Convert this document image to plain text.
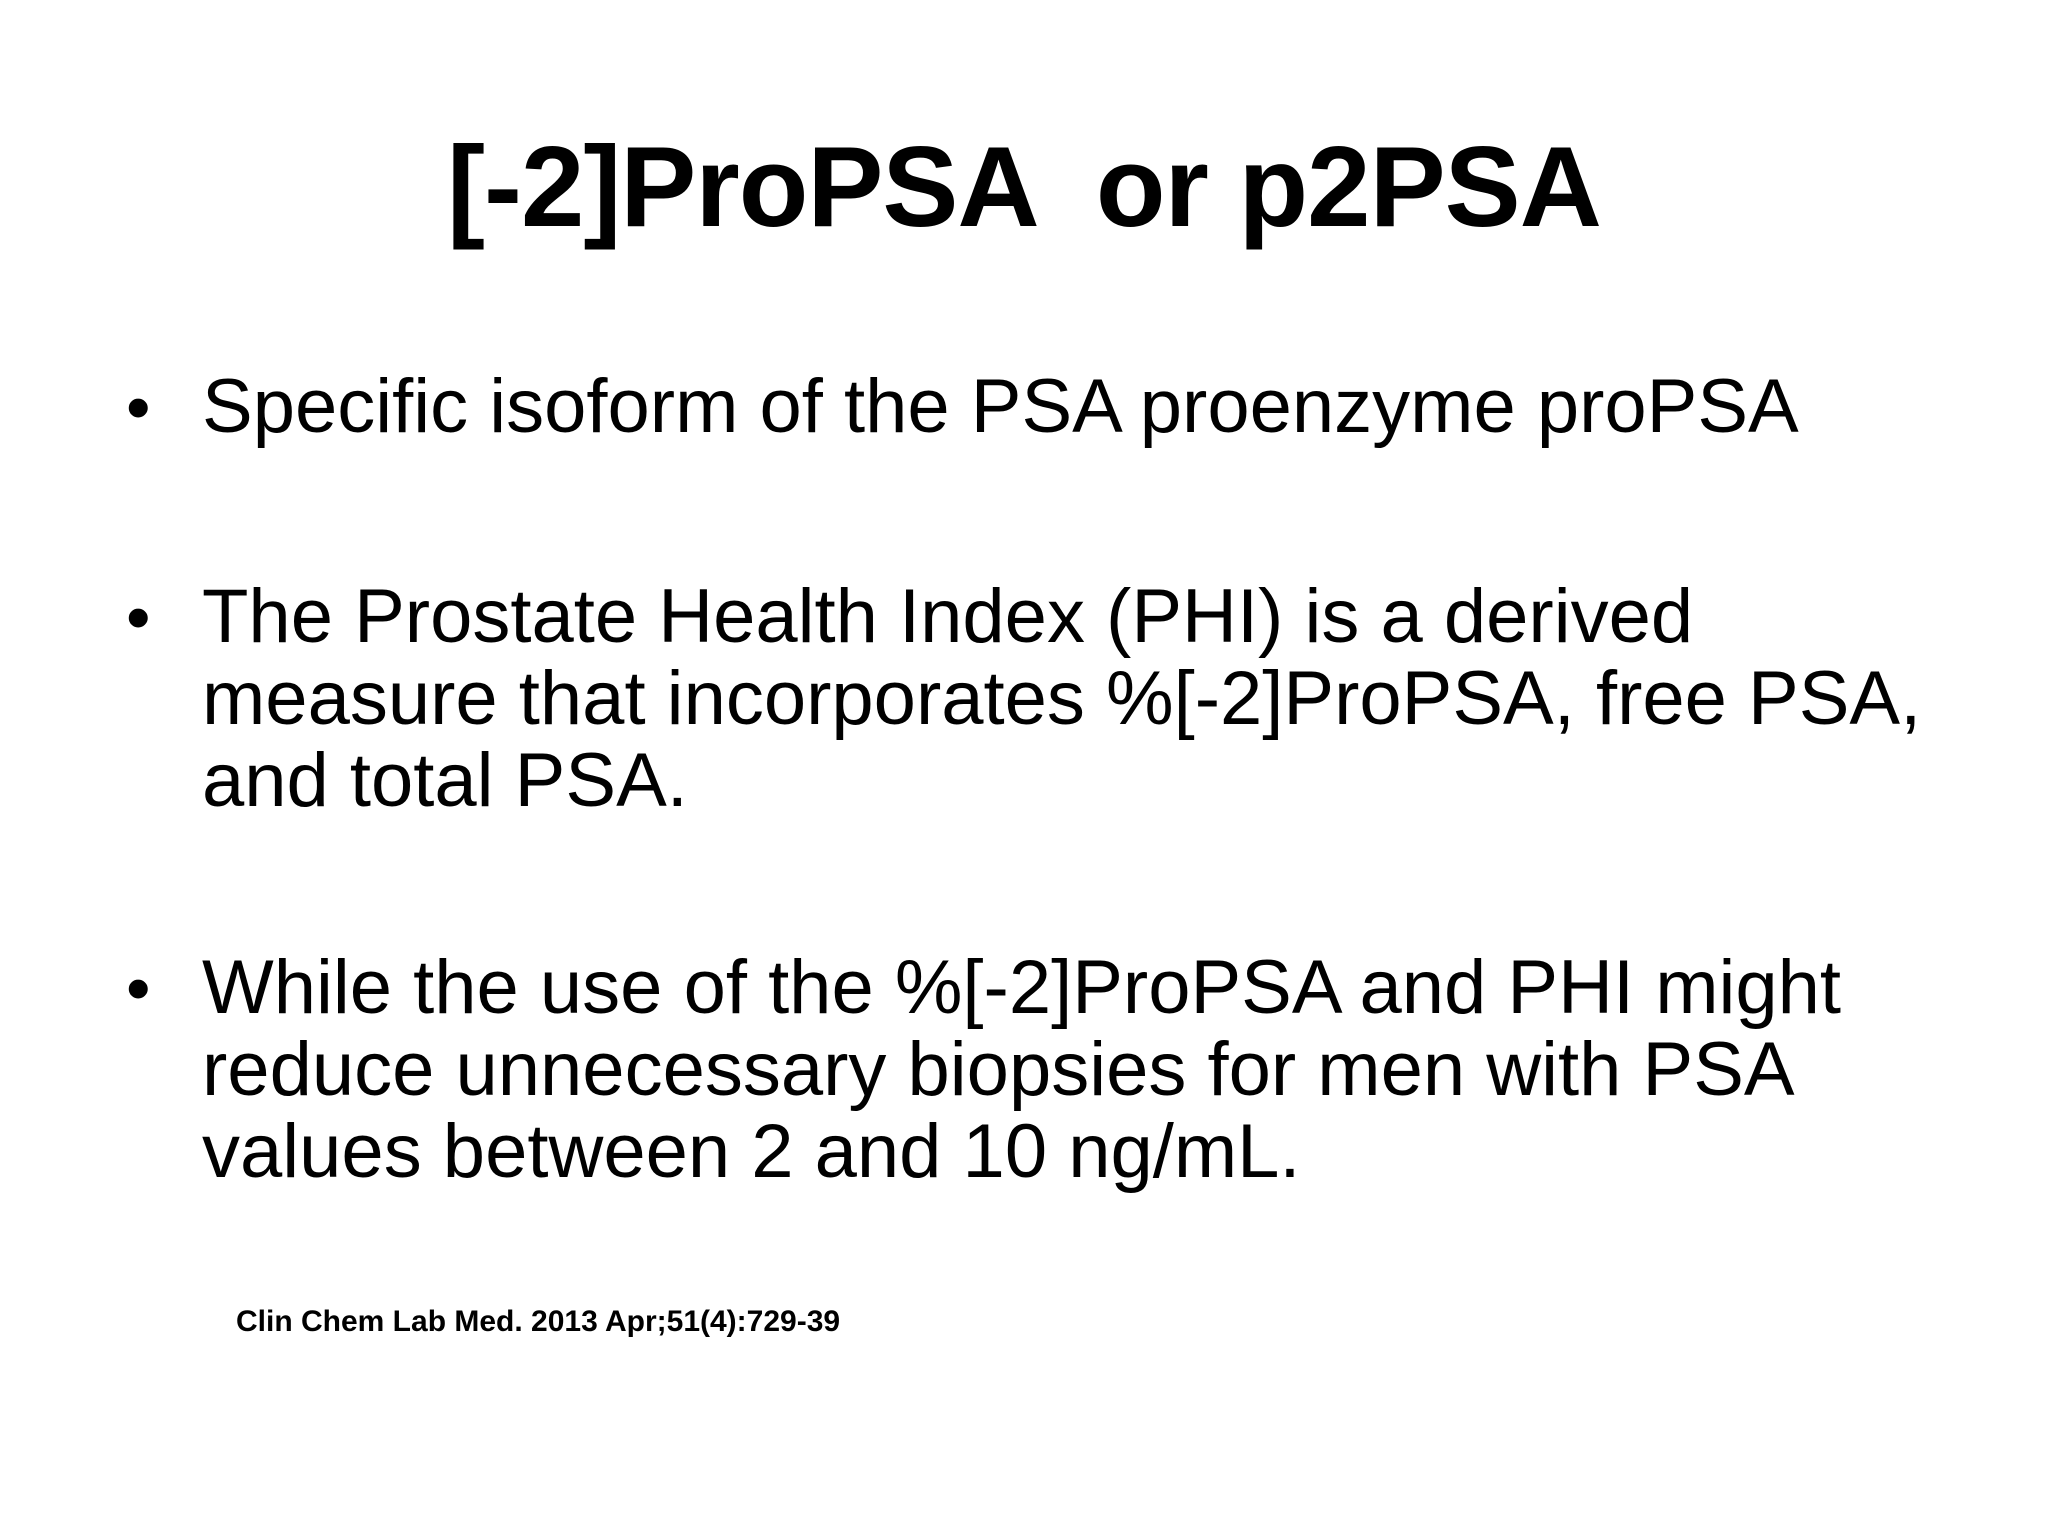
[-2]ProPSA  or p2PSA
• Specific isoform of the PSA proenzyme proPSA
• The Prostate Health Index (PHI) is a derived measure that incorporates %[-2]ProPSA, free PSA, and total PSA.
• While the use of the %[-2]ProPSA and PHI might reduce unnecessary biopsies for men with PSA values between 2 and 10 ng/mL.
Clin Chem Lab Med. 2013 Apr;51(4):729-39
